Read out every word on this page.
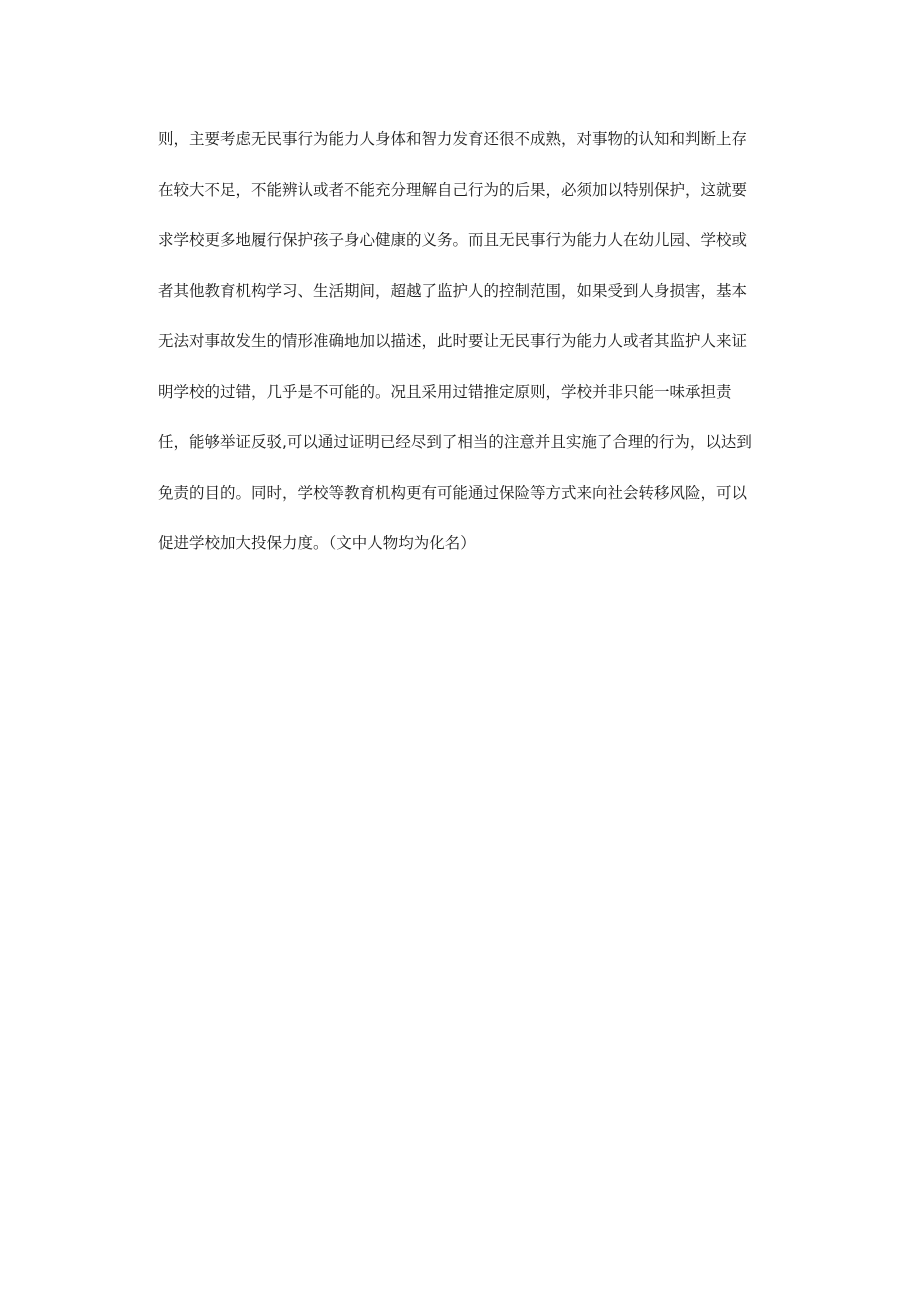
则，主要考虑无民事行为能力人身体和智力发育还很不成熟，对事物的认知和判断上存
在较大不足，不能辨认或者不能充分理解自己行为的后果，必须加以特别保护，这就要
求学校更多地履行保护孩子身心健康的义务。而且无民事行为能力人在幼儿园、学校或
者其他教育机构学习、生活期间，超越了监护人的控制范围，如果受到人身损害，基本
无法对事故发生的情形准确地加以描述，此时要让无民事行为能力人或者其监护人来证
明学校的过错，几乎是不可能的。况且采用过错推定原则，学校并非只能一味承担责
任，能够举证反驳,可以通过证明已经尽到了相当的注意并且实施了合理的行为，以达到
免责的目的。同时，学校等教育机构更有可能通过保险等方式来向社会转移风险，可以
促进学校加大投保力度。（文中人物均为化名）
